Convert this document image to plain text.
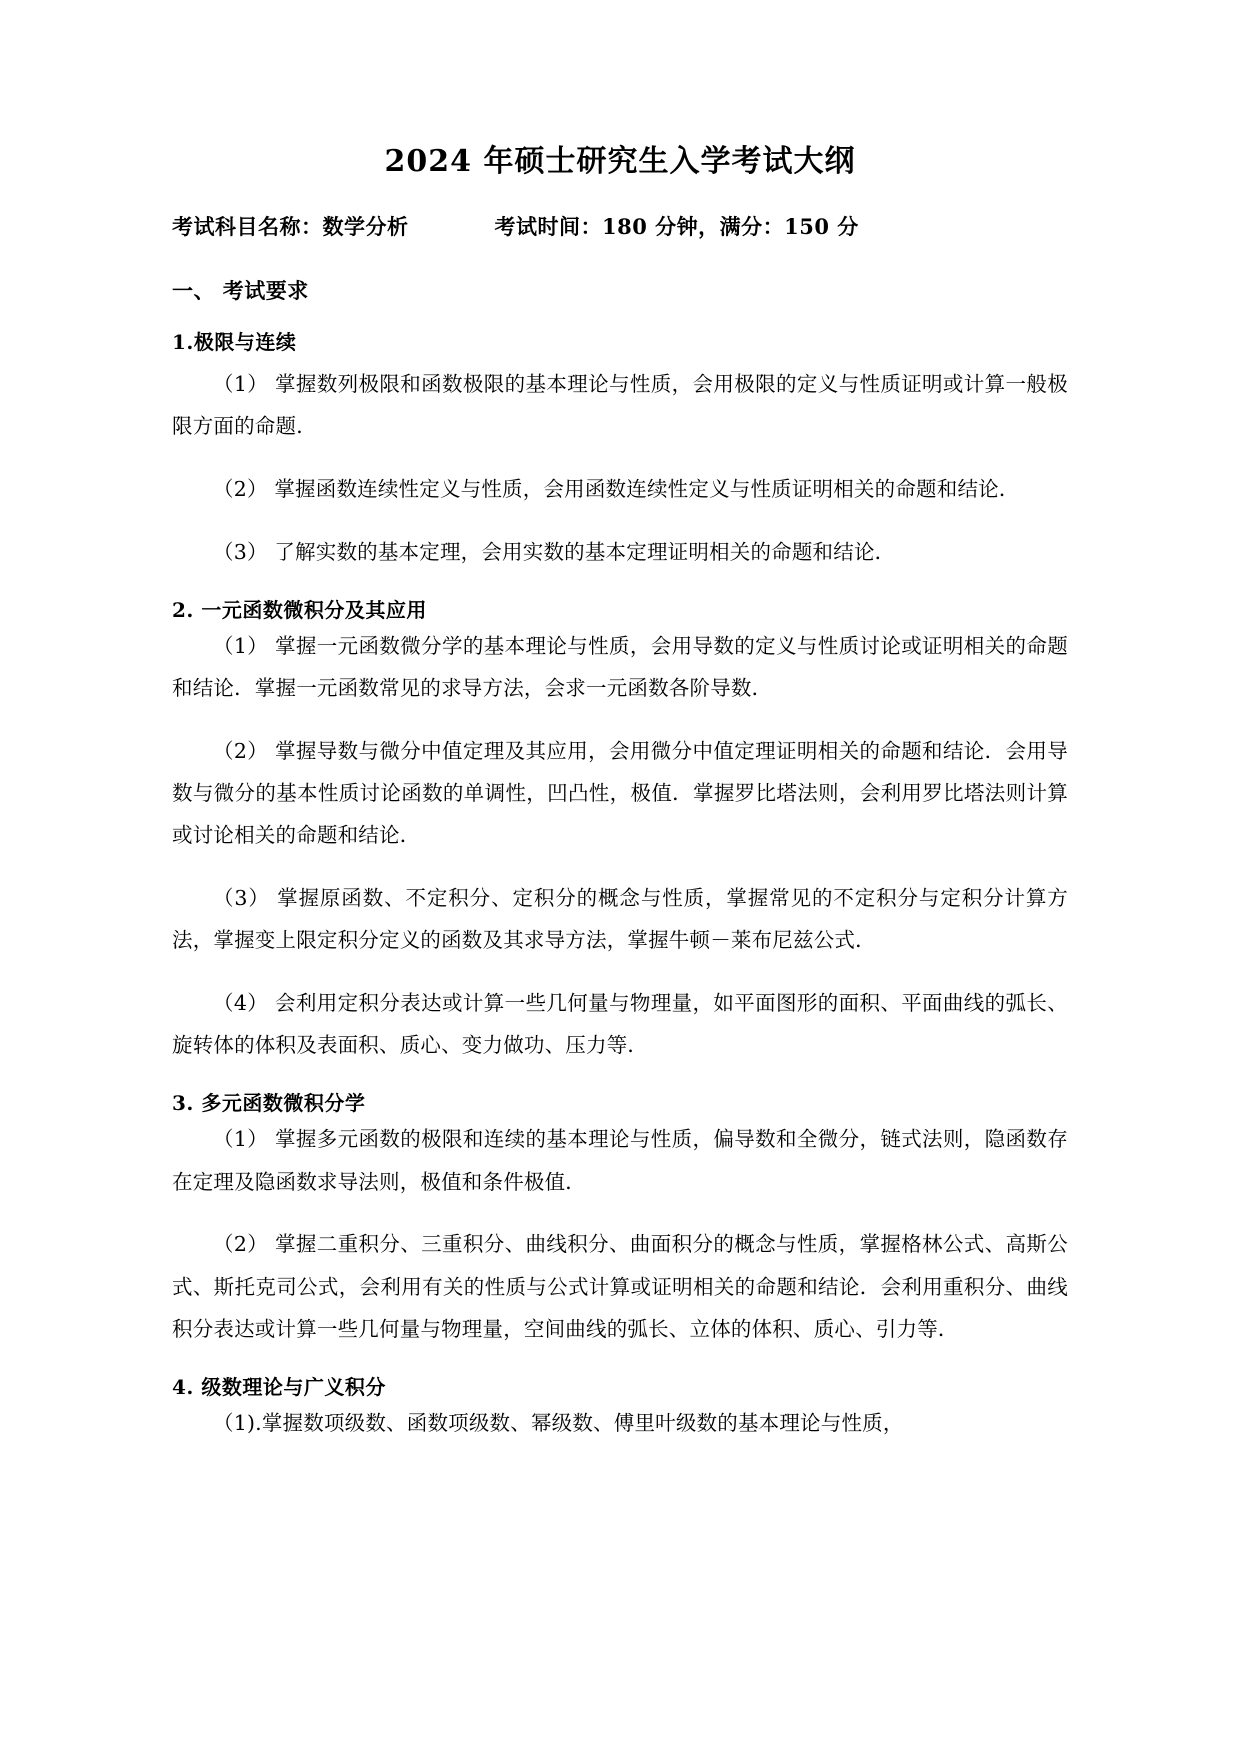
2024 年硕士研究生入学考试大纲
考试科目名称：数学分析	考试时间：180 分钟，满分：150 分
一、 考试要求
1.极限与连续

（1） 掌握数列极限和函数极限的基本理论与性质，会用极限的定义与性质证明或计算一般极限方面的命题．

（2） 掌握函数连续性定义与性质，会用函数连续性定义与性质证明相关的命题和结论．

（3） 了解实数的基本定理，会用实数的基本定理证明相关的命题和结论．

2. 一元函数微积分及其应用

（1） 掌握一元函数微分学的基本理论与性质，会用导数的定义与性质讨论或证明相关的命题和结论．掌握一元函数常见的求导方法，会求一元函数各阶导数．

（2） 掌握导数与微分中值定理及其应用，会用微分中值定理证明相关的命题和结论．会用导数与微分的基本性质讨论函数的单调性，凹凸性，极值．掌握罗比塔法则，会利用罗比塔法则计算或讨论相关的命题和结论．

（3） 掌握原函数、不定积分、定积分的概念与性质，掌握常见的不定积分与定积分计算方法，掌握变上限定积分定义的函数及其求导方法，掌握牛顿－莱布尼兹公式．

（4） 会利用定积分表达或计算一些几何量与物理量，如平面图形的面积、平面曲线的弧长、旋转体的体积及表面积、质心、变力做功、压力等．

3. 多元函数微积分学

（1） 掌握多元函数的极限和连续的基本理论与性质，偏导数和全微分，链式法则，隐函数存在定理及隐函数求导法则，极值和条件极值．

（2） 掌握二重积分、三重积分、曲线积分、曲面积分的概念与性质，掌握格林公式、高斯公式、斯托克司公式，会利用有关的性质与公式计算或证明相关的命题和结论．会利用重积分、曲线积分表达或计算一些几何量与物理量，空间曲线的弧长、立体的体积、质心、引力等．

4. 级数理论与广义积分

（1).掌握数项级数、函数项级数、幂级数、傅里叶级数的基本理论与性质，
